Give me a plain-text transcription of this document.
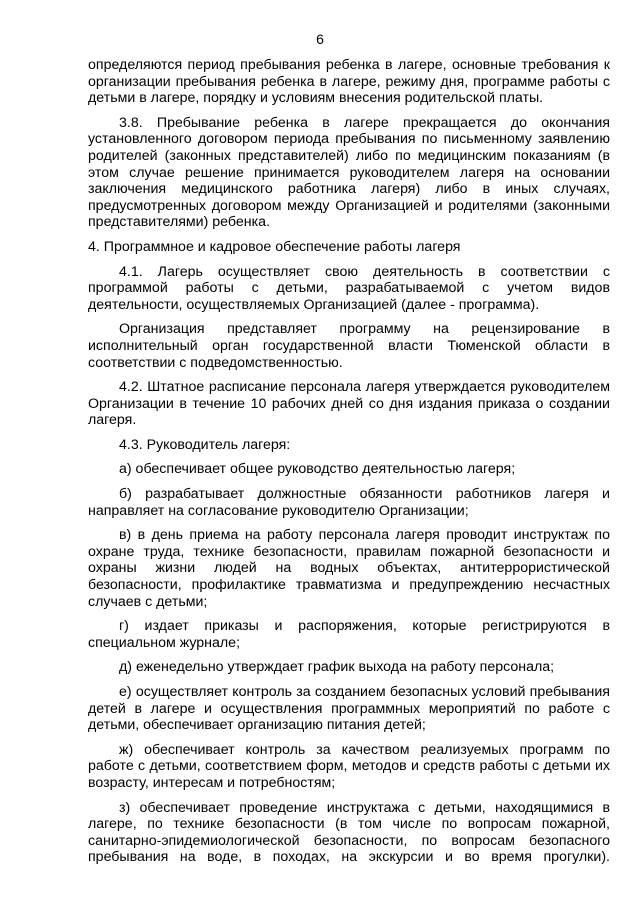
6

определяются период пребывания ребенка в лагере, основные требования к организации пребывания ребенка в лагере, режиму дня, программе работы с детьми в лагере, порядку и условиям внесения родительской платы.

3.8. Пребывание ребенка в лагере прекращается до окончания установленного договором периода пребывания по письменному заявлению родителей (законных представителей) либо по медицинским показаниям (в этом случае решение принимается руководителем лагеря на основании заключения медицинского работника лагеря) либо в иных случаях, предусмотренных договором между Организацией и родителями (законными представителями) ребенка.

4. Программное и кадровое обеспечение работы лагеря

4.1. Лагерь осуществляет свою деятельность в соответствии с программой работы с детьми, разрабатываемой с учетом видов деятельности, осуществляемых Организацией (далее - программа).

Организация представляет программу на рецензирование в исполнительный орган государственной власти Тюменской области в соответствии с подведомственностью.

4.2. Штатное расписание персонала лагеря утверждается руководителем Организации в течение 10 рабочих дней со дня издания приказа о создании лагеря.

4.3. Руководитель лагеря:

а) обеспечивает общее руководство деятельностью лагеря;

б) разрабатывает должностные обязанности работников лагеря и направляет на согласование руководителю Организации;

в) в день приема на работу персонала лагеря проводит инструктаж по охране труда, технике безопасности, правилам пожарной безопасности и охраны жизни людей на водных объектах, антитеррористической безопасности, профилактике травматизма и предупреждению несчастных случаев с детьми;

г) издает приказы и распоряжения, которые регистрируются в специальном журнале;

д) еженедельно утверждает график выхода на работу персонала;

е) осуществляет контроль за созданием безопасных условий пребывания детей в лагере и осуществления программных мероприятий по работе с детьми, обеспечивает организацию питания детей;

ж) обеспечивает контроль за качеством реализуемых программ по работе с детьми, соответствием форм, методов и средств работы с детьми их возрасту, интересам и потребностям;

з) обеспечивает проведение инструктажа с детьми, находящимися в лагере, по технике безопасности (в том числе по вопросам пожарной, санитарно-эпидемиологической безопасности, по вопросам безопасного пребывания на воде, в походах, на экскурсии и во время прогулки).
